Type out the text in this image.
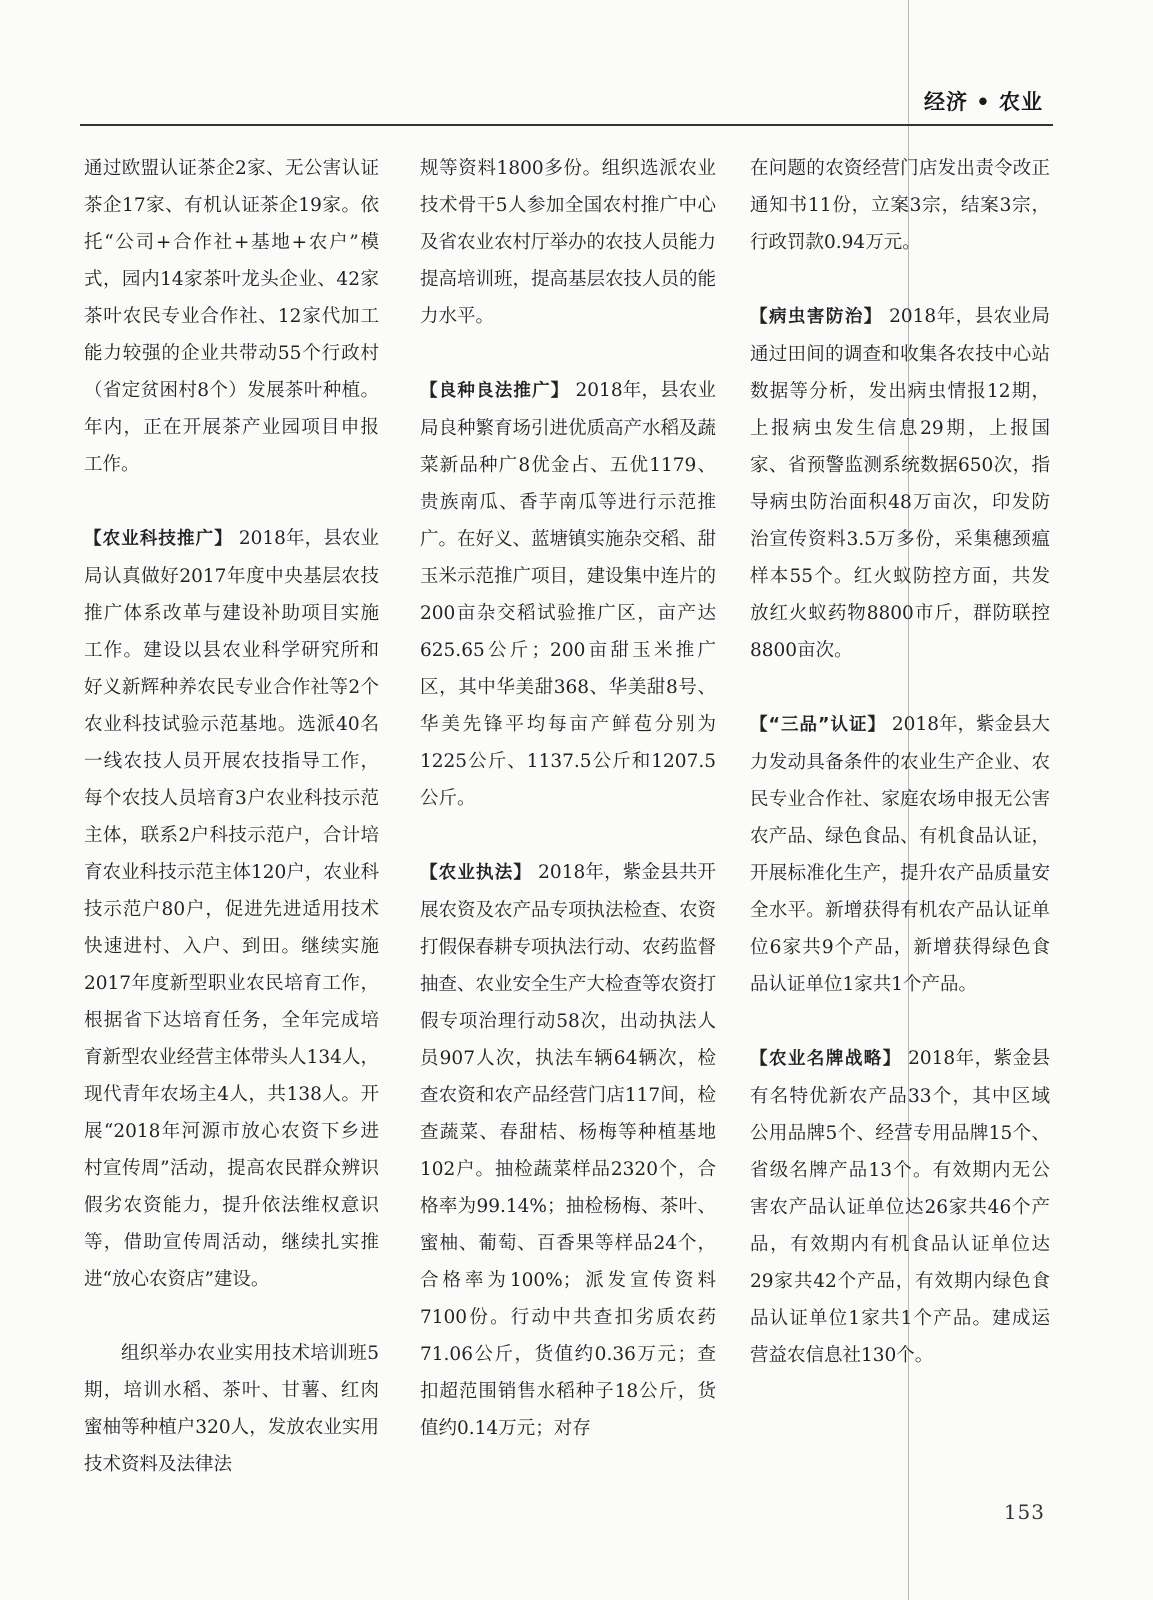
经济 • 农业

通过欧盟认证茶企2家、无公害认证茶企17家、有机认证茶企19家。依托“公司+合作社+基地+农户”模式，园内14家茶叶龙头企业、42家茶叶农民专业合作社、12家代加工能力较强的企业共带动55个行政村（省定贫困村8个）发展茶叶种植。年内，正在开展茶产业园项目申报工作。

【农业科技推广】 2018年，县农业局认真做好2017年度中央基层农技推广体系改革与建设补助项目实施工作。建设以县农业科学研究所和好义新辉种养农民专业合作社等2个农业科技试验示范基地。选派40名一线农技人员开展农技指导工作，每个农技人员培育3户农业科技示范主体，联系2户科技示范户，合计培育农业科技示范主体120户，农业科技示范户80户，促进先进适用技术快速进村、入户、到田。继续实施2017年度新型职业农民培育工作，根据省下达培育任务，全年完成培育新型农业经营主体带头人134人，现代青年农场主4人，共138人。开展“2018年河源市放心农资下乡进村宣传周”活动，提高农民群众辨识假劣农资能力，提升依法维权意识等，借助宣传周活动，继续扎实推进“放心农资店”建设。

组织举办农业实用技术培训班5期，培训水稻、茶叶、甘薯、红肉蜜柚等种植户320人，发放农业实用技术资料及法律法

规等资料1800多份。组织选派农业技术骨干5人参加全国农村推广中心及省农业农村厅举办的农技人员能力提高培训班，提高基层农技人员的能力水平。

【良种良法推广】 2018年，县农业局良种繁育场引进优质高产水稻及蔬菜新品种广8优金占、五优1179、贵族南瓜、香芋南瓜等进行示范推广。在好义、蓝塘镇实施杂交稻、甜玉米示范推广项目，建设集中连片的200亩杂交稻试验推广区，亩产达625.65公斤；200亩甜玉米推广区，其中华美甜368、华美甜8号、华美先锋平均每亩产鲜苞分别为1225公斤、1137.5公斤和1207.5公斤。

【农业执法】 2018年，紫金县共开展农资及农产品专项执法检查、农资打假保春耕专项执法行动、农药监督抽查、农业安全生产大检查等农资打假专项治理行动58次，出动执法人员907人次，执法车辆64辆次，检查农资和农产品经营门店117间，检查蔬菜、春甜桔、杨梅等种植基地102户。抽检蔬菜样品2320个，合格率为99.14%；抽检杨梅、茶叶、蜜柚、葡萄、百香果等样品24个，合格率为100%；派发宣传资料7100份。行动中共查扣劣质农药71.06公斤，货值约0.36万元；查扣超范围销售水稻种子18公斤，货值约0.14万元；对存

在问题的农资经营门店发出责令改正通知书11份，立案3宗，结案3宗，行政罚款0.94万元。

【病虫害防治】 2018年，县农业局通过田间的调查和收集各农技中心站数据等分析，发出病虫情报12期，上报病虫发生信息29期，上报国家、省预警监测系统数据650次，指导病虫防治面积48万亩次，印发防治宣传资料3.5万多份，采集穗颈瘟样本55个。红火蚁防控方面，共发放红火蚁药物8800市斤，群防联控8800亩次。

【“三品”认证】 2018年，紫金县大力发动具备条件的农业生产企业、农民专业合作社、家庭农场申报无公害农产品、绿色食品、有机食品认证，开展标准化生产，提升农产品质量安全水平。新增获得有机农产品认证单位6家共9个产品，新增获得绿色食品认证单位1家共1个产品。

【农业名牌战略】 2018年，紫金县有名特优新农产品33个，其中区域公用品牌5个、经营专用品牌15个、省级名牌产品13个。有效期内无公害农产品认证单位达26家共46个产品，有效期内有机食品认证单位达29家共42个产品，有效期内绿色食品认证单位1家共1个产品。建成运营益农信息社130个。

153
